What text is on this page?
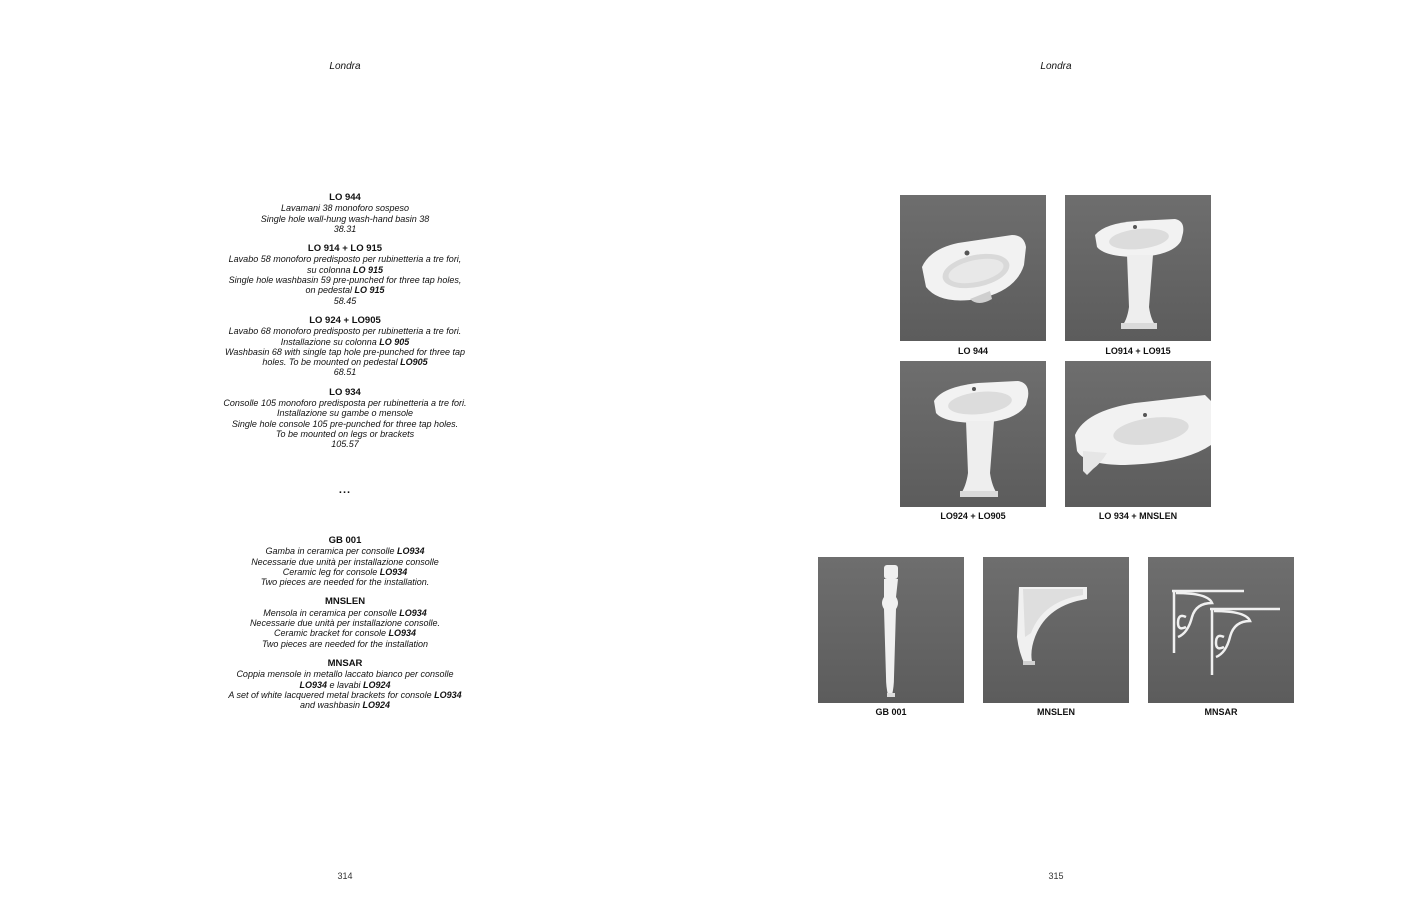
Londra
LO 944
Lavamani 38 monoforo sospeso
Single hole wall-hung wash-hand basin 38
38.31
LO 914 + LO 915
Lavabo 58 monoforo predisposto per rubinetteria a tre fori,
su colonna LO 915
Single hole washbasin 59 pre-punched for three tap holes,
on pedestal LO 915
58.45
LO 924 + LO905
Lavabo 68 monoforo predisposto per rubinetteria a tre fori.
Installazione su colonna LO 905
Washbasin 68 with single tap hole pre-punched for three tap
holes. To be mounted on pedestal LO905
68.51
LO 934
Consolle 105 monoforo predisposta per rubinetteria a tre fori.
Installazione su gambe o mensole
Single hole console 105 pre-punched for three tap holes.
To be mounted on legs or brackets
105.57
...
GB 001
Gamba in ceramica per consolle LO934
Necessarie due unità per installazione consolle
Ceramic leg for console LO934
Two pieces are needed for the installation.
MNSLEN
Mensola in ceramica per consolle LO934
Necessarie due unità per installazione consolle.
Ceramic bracket for console LO934
Two pieces are needed for the installation
MNSAR
Coppia mensole in metallo laccato bianco per consolle
LO934 e lavabi LO924
A set of white lacquered metal brackets for console LO934
and washbasin LO924
314
Londra
LO 944	LO914 + LO915
LO924 + LO905	LO 934 + MNSLEN
GB 001	MNSLEN	MNSAR
315
